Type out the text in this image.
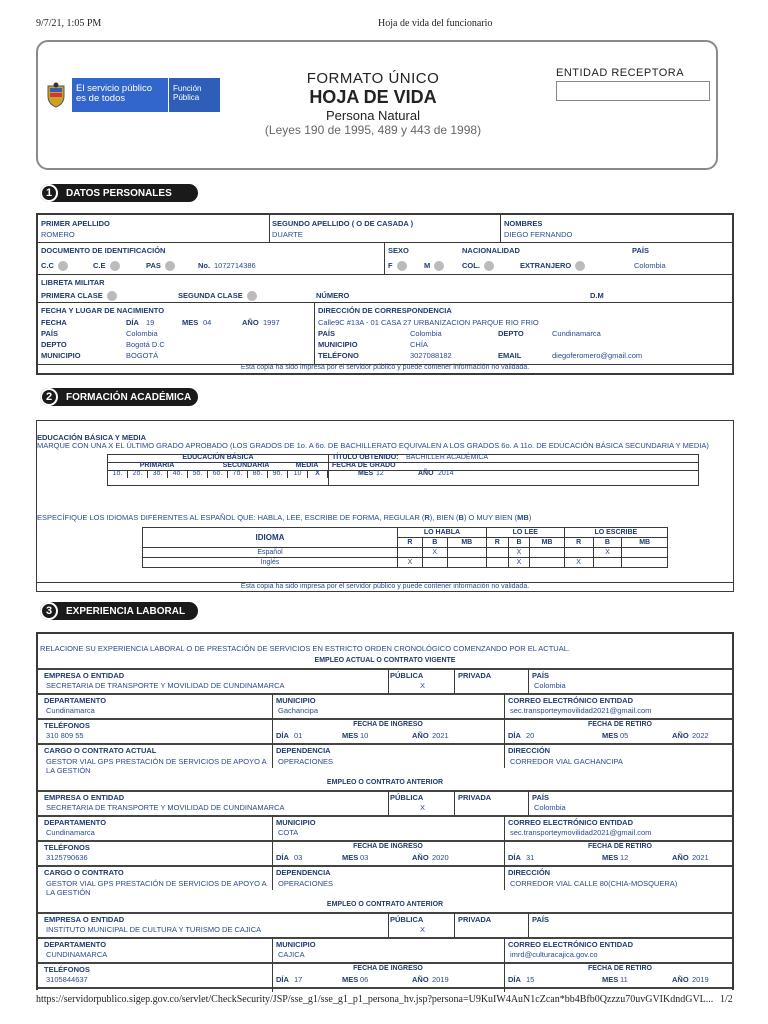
9/7/21, 1:05 PM	Hoja de vida del funcionario
El servicio público
es de todos
Función
Pública
FORMATO ÚNICO
HOJA DE VIDA
Persona Natural
(Leyes 190 de 1995, 489 y 443 de 1998)
ENTIDAD RECEPTORA
1	DATOS PERSONALES
PRIMER APELLIDO
ROMERO
SEGUNDO APELLIDO ( O DE CASADA )
DUARTE
NOMBRES
DIEGO FERNANDO
DOCUMENTO DE IDENTIFICACIÓN
C.C	C.E	PAS	No. 1072714386
SEXO
F	M
NACIONALIDAD
COL.	EXTRANJERO
PAÍS
Colombia
LIBRETA MILITAR
PRIMERA CLASE	SEGUNDA CLASE	NÚMERO	D.M
FECHA Y LUGAR DE NACIMIENTO
FECHA	DÍA 19	MES 04	AÑO 1997
PAÍS	Colombia
DEPTO	Bogotá D.C
MUNICIPIO	BOGOTÁ
DIRECCIÓN DE CORRESPONDENCIA
Calle9C #13A - 01 CASA 27 URBANIZACION PARQUE RIO FRIO
PAÍS	Colombia	DEPTO	Cundinamarca
MUNICIPIO	CHÍA
TELÉFONO	3027088182	EMAIL	diegoferomero@gmail.com
Esta copia ha sido impresa por el servidor público y puede contener información no validada.
2	FORMACIÓN ACADÉMICA
EDUCACIÓN BÁSICA Y MEDIA
MARQUE CON UNA X EL ÚLTIMO GRADO APROBADO (LOS GRADOS DE 1o. A 6o. DE BACHILLERATO EQUIVALEN A LOS GRADOS 6o. A 11o. DE EDUCACIÓN BÁSICA SECUNDARIA Y MEDIA)
EDUCACIÓN BÁSICA	TÍTULO OBTENIDO: BACHILLER ACADÉMICA
PRIMARIA	SECUNDARIA	MEDIA	FECHA DE GRADO
1o.	2o.	3o.	4o.	5o.	6o.	7o.	8o.	9o.	10	X	MES 12	AÑO 2014
ESPECÍFIQUE LOS IDIOMAS DIFERENTES AL ESPAÑOL QUE: HABLA, LEE, ESCRIBE DE FORMA, REGULAR (R), BIEN (B) O MUY BIEN (MB)
IDIOMA	LO HABLA			LO LEE			LO ESCRIBE		
	R	B	MB	R	B	MB	R	B	MB
Español		X			X			X	
Inglés	X				X		X		
Esta copia ha sido impresa por el servidor público y puede contener información no validada.
3	EXPERIENCIA LABORAL
RELACIONE SU EXPERIENCIA LABORAL O DE PRESTACIÓN DE SERVICIOS EN ESTRICTO ORDEN CRONOLÓGICO COMENZANDO POR EL ACTUAL.
EMPLEO ACTUAL O CONTRATO VIGENTE
EMPRESA O ENTIDAD
SECRETARIA DE TRANSPORTE Y MOVILIDAD DE CUNDINAMARCA
PÚBLICA
X
PRIVADA	PAÍS
Colombia
DEPARTAMENTO
Cundinamarca
MUNICIPIO
Gachancipa
CORREO ELECTRÓNICO ENTIDAD
sec.transporteymovilidad2021@gmail.com
TELÉFONOS
310 809 55
FECHA DE INGRESO
DÍA 01	MES 10	AÑO 2021
FECHA DE RETIRO
DÍA 20	MES 05	AÑO 2022
CARGO O CONTRATO ACTUAL
GESTOR VIAL GPS PRESTACIÓN DE SERVICIOS DE APOYO A LA GESTIÓN
DEPENDENCIA
OPERACIONES
DIRECCIÓN
CORREDOR VIAL GACHANCIPA
EMPLEO O CONTRATO ANTERIOR
EMPRESA O ENTIDAD
SECRETARIA DE TRANSPORTE Y MOVILIDAD DE CUNDINAMARCA
PÚBLICA
X
PRIVADA	PAÍS
Colombia
DEPARTAMENTO
Cundinamarca
MUNICIPIO
COTA
CORREO ELECTRÓNICO ENTIDAD
sec.transporteymovilidad2021@gmail.com
TELÉFONOS
3125790636
FECHA DE INGRESO
DÍA 03	MES 03	AÑO 2020
FECHA DE RETIRO
DÍA 31	MES 12	AÑO 2021
CARGO O CONTRATO
GESTOR VIAL GPS PRESTACIÓN DE SERVICIOS DE APOYO A LA GESTIÓN
DEPENDENCIA
OPERACIONES
DIRECCIÓN
CORREDOR VIAL CALLE 80(CHIA-MOSQUERA)
EMPLEO O CONTRATO ANTERIOR
EMPRESA O ENTIDAD
INSTITUTO MUNICIPAL DE CULTURA Y TURISMO DE CAJICA
PÚBLICA
X
PRIVADA	PAÍS
DEPARTAMENTO
CUNDINAMARCA
MUNICIPIO
CAJICA
CORREO ELECTRÓNICO ENTIDAD
imrd@culturacajica.gov.co
TELÉFONOS
3105844637
FECHA DE INGRESO
DÍA 17	MES 06	AÑO 2019
FECHA DE RETIRO
DÍA 15	MES 11	AÑO 2019
https://servidorpublico.sigep.gov.co/servlet/CheckSecurity/JSP/sse_g1/sse_g1_p1_persona_hv.jsp?persona=U9KuIW4AuN1cZcan*bb4Bfb0Qzzzu70uvGVIKdndGVL... 1/2
